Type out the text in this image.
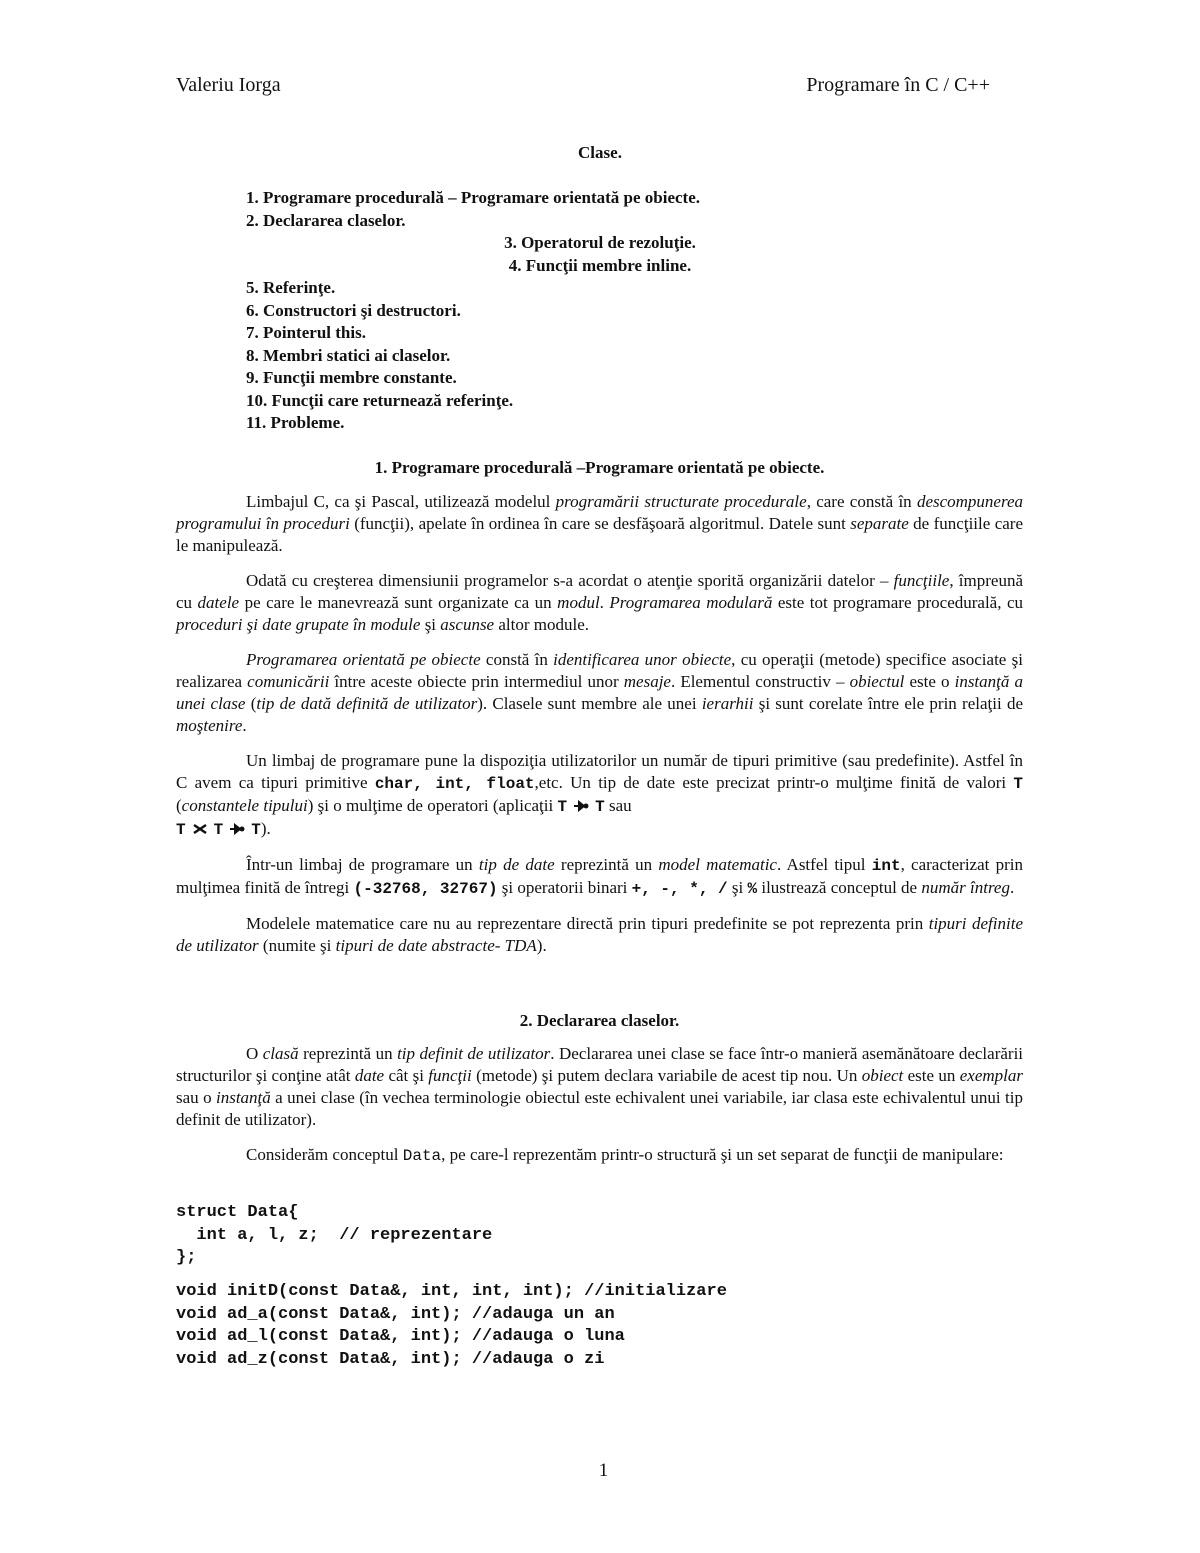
Valeriu Iorga	Programare în C / C++
Clase.
1. Programare procedurală – Programare orientată pe obiecte.
2. Declararea claselor.
3. Operatorul de rezoluţie.
4. Funcţii membre inline.
5. Referinţe.
6. Constructori şi destructori.
7. Pointerul this.
8. Membri statici ai claselor.
9. Funcţii membre constante.
10. Funcţii care returnează referinţe.
11. Probleme.
1. Programare procedurală –Programare orientată pe obiecte.

Limbajul C, ca şi Pascal, utilizează modelul programării structurate procedurale, care constă în descompunerea programului în proceduri (funcţii), apelate în ordinea în care se desfăşoară algoritmul. Datele sunt separate de funcţiile care le manipulează.

Odată cu creşterea dimensiunii programelor s-a acordat o atenţie sporită organizării datelor – funcţiile, împreună cu datele pe care le manevrează sunt organizate ca un modul. Programarea modulară este tot programare procedurală, cu proceduri şi date grupate în module şi ascunse altor module.

Programarea orientată pe obiecte constă în identificarea unor obiecte, cu operaţii (metode) specifice asociate şi realizarea comunicării între aceste obiecte prin intermediul unor mesaje. Elementul constructiv – obiectul este o instanţă a unei clase (tip de dată definită de utilizator). Clasele sunt membre ale unei ierarhii şi sunt corelate între ele prin relaţii de moştenire.

Un limbaj de programare pune la dispoziţia utilizatorilor un număr de tipuri primitive (sau predefinite). Astfel în C avem ca tipuri primitive char, int, float,etc. Un tip de date este precizat printr-o mulţime finită de valori T (constantele tipului) şi o mulţime de operatori (aplicaţii T T sau
T T T).

Într-un limbaj de programare un tip de date reprezintă un model matematic. Astfel tipul int, caracterizat prin mulţimea finită de întregi (-32768, 32767) şi operatorii binari +, -, *, / şi % ilustrează conceptul de număr întreg.

Modelele matematice care nu au reprezentare directă prin tipuri predefinite se pot reprezenta prin tipuri definite de utilizator (numite şi tipuri de date abstracte- TDA).

2. Declararea claselor.

O clasă reprezintă un tip definit de utilizator. Declararea unei clase se face într-o manieră asemănătoare declarării structurilor şi conţine atât date cât şi funcţii (metode) şi putem declara variabile de acest tip nou. Un obiect este un exemplar sau o instanţă a unei clase (în vechea terminologie obiectul este echivalent unei variabile, iar clasa este echivalentul unui tip definit de utilizator).

Considerăm conceptul Data, pe care-l reprezentăm printr-o structură şi un set separat de funcţii de manipulare:

struct Data{
int a, l, z;  // reprezentare
};
void initD(const Data&, int, int, int); //initializare
void ad_a(const Data&, int); //adauga un an
void ad_l(const Data&, int); //adauga o luna
void ad_z(const Data&, int); //adauga o zi
1
